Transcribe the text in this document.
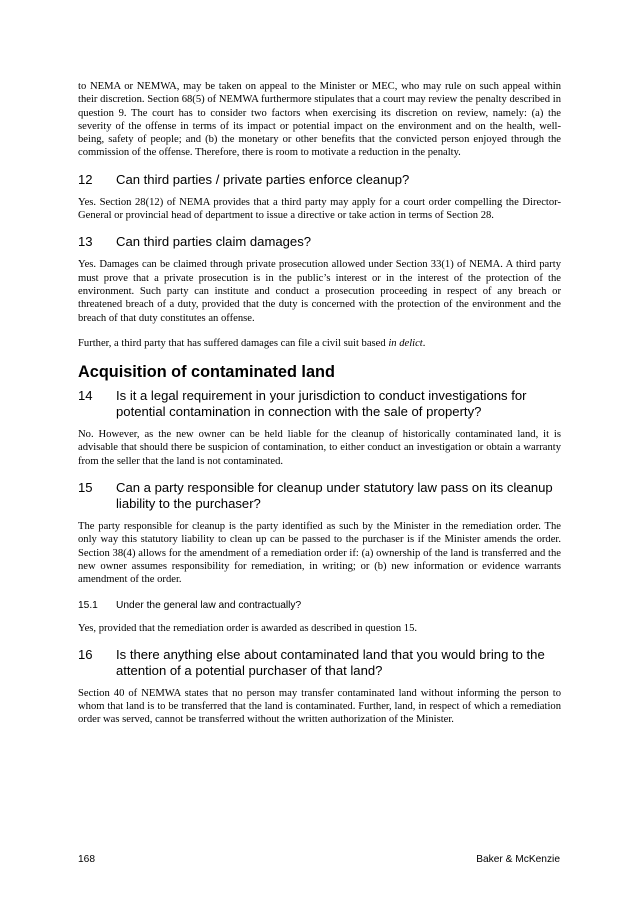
to NEMA or NEMWA, may be taken on appeal to the Minister or MEC, who may rule on such appeal within their discretion. Section 68(5) of NEMWA furthermore stipulates that a court may review the penalty described in question 9. The court has to consider two factors when exercising its discretion on review, namely: (a) the severity of the offense in terms of its impact or potential impact on the environment and on the health, well-being, safety of people; and (b) the monetary or other benefits that the convicted person enjoyed through the commission of the offense. Therefore, there is room to motivate a reduction in the penalty.

12	Can third parties / private parties enforce cleanup?

Yes. Section 28(12) of NEMA provides that a third party may apply for a court order compelling the Director-General or provincial head of department to issue a directive or take action in terms of Section 28.

13	Can third parties claim damages?

Yes. Damages can be claimed through private prosecution allowed under Section 33(1) of NEMA. A third party must prove that a private prosecution is in the public’s interest or in the interest of the protection of the environment. Such party can institute and conduct a prosecution proceeding in respect of any breach or threatened breach of a duty, provided that the duty is concerned with the protection of the environment and the breach of that duty constitutes an offense.

Further, a third party that has suffered damages can file a civil suit based in delict.

Acquisition of contaminated land
14	Is it a legal requirement in your jurisdiction to conduct investigations for potential contamination in connection with the sale of property?

No. However, as the new owner can be held liable for the cleanup of historically contaminated land, it is advisable that should there be suspicion of contamination, to either conduct an investigation or obtain a warranty from the seller that the land is not contaminated.

15	Can a party responsible for cleanup under statutory law pass on its cleanup liability to the purchaser?

The party responsible for cleanup is the party identified as such by the Minister in the remediation order. The only way this statutory liability to clean up can be passed to the purchaser is if the Minister amends the order. Section 38(4) allows for the amendment of a remediation order if: (a) ownership of the land is transferred and the new owner assumes responsibility for remediation, in writing; or (b) new information or evidence warrants amendment of the order.

15.1	Under the general law and contractually?

Yes, provided that the remediation order is awarded as described in question 15.

16	Is there anything else about contaminated land that you would bring to the attention of a potential purchaser of that land?

Section 40 of NEMWA states that no person may transfer contaminated land without informing the person to whom that land is to be transferred that the land is contaminated. Further, land, in respect of which a remediation order was served, cannot be transferred without the written authorization of the Minister.

168	Baker & McKenzie
